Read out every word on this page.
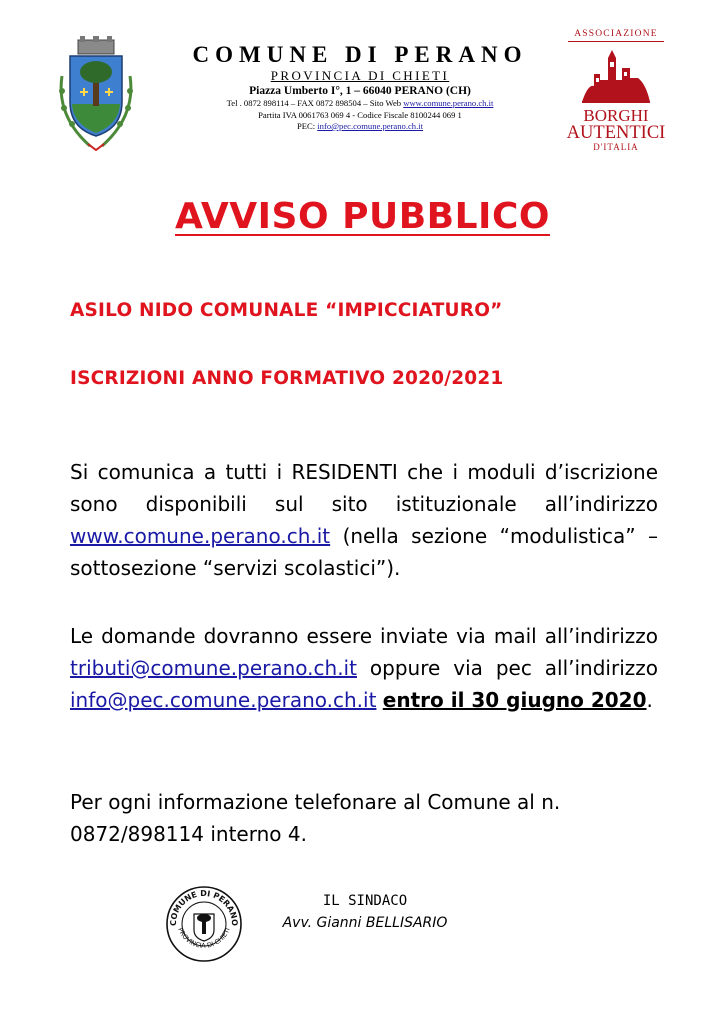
COMUNE DI PERANO
PROVINCIA DI CHIETI
Piazza Umberto I°, 1 – 66040 PERANO (CH)
Tel . 0872 898114 – FAX 0872 898504 – Sito Web www.comune.perano.ch.it
Partita IVA 0061763 069 4 - Codice Fiscale 8100244 069 1
PEC: info@pec.comune.perano.ch.it
ASSOCIAZIONE
BORGHI
AUTENTICI
D'ITALIA
AVVISO PUBBLICO
ASILO NIDO COMUNALE “IMPICCIATURO”
ISCRIZIONI ANNO FORMATIVO 2020/2021
Si comunica a tutti i RESIDENTI che i moduli d’iscrizione sono disponibili sul sito istituzionale all’indirizzo www.comune.perano.ch.it (nella sezione “modulistica” – sottosezione “servizi scolastici”).
Le domande dovranno essere inviate via mail all’indirizzo tributi@comune.perano.ch.it oppure via pec all’indirizzo info@pec.comune.perano.ch.it entro il 30 giugno 2020.
Per ogni informazione telefonare al Comune al n. 0872/898114 interno 4.
COMUNE DI PERANO
PROVINCIA DI CHIETI
IL SINDACO
Avv. Gianni BELLISARIO
